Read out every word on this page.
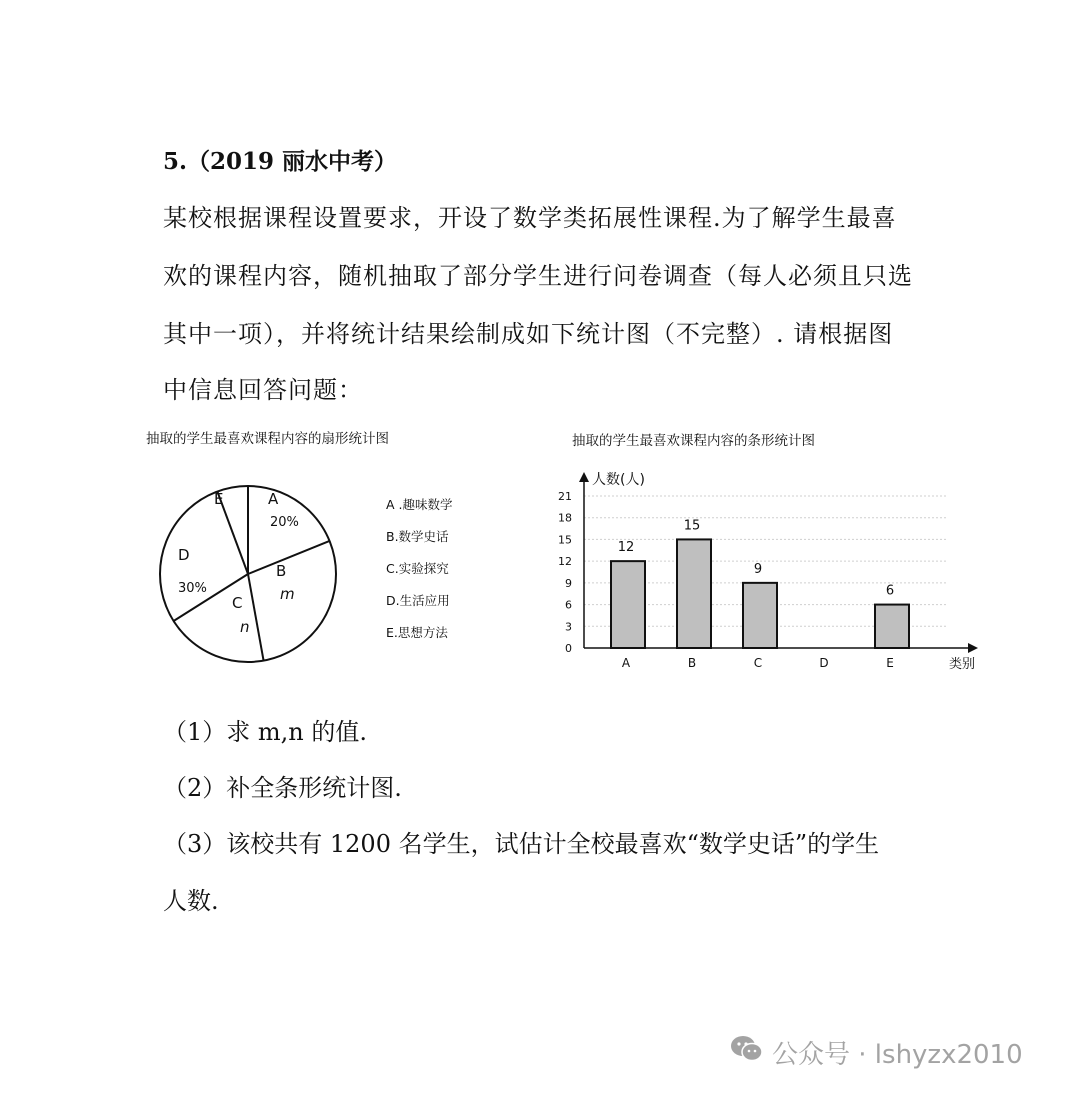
5.（2019 丽水中考）
某校根据课程设置要求，开设了数学类拓展性课程.为了解学生最喜
欢的课程内容，随机抽取了部分学生进行问卷调查（每人必须且只选
其中一项），并将统计结果绘制成如下统计图（不完整）. 请根据图
中信息回答问题：
抽取的学生最喜欢课程内容的扇形统计图	抽取的学生最喜欢课程内容的条形统计图
A
20%
B
m
C
n
D
30%
E	A .趣味数学
B.数学史话
C.实验探究
D.生活应用
E.思想方法
0
3
6
9
12
15
18
21
人数(人)
类别
12
A
15
B
9
C	D
6
E
（1）求 m,n 的值.
（2）补全条形统计图.
（3）该校共有 1200 名学生，试估计全校最喜欢“数学史话”的学生
人数.
公众号 · lshyzx2010
